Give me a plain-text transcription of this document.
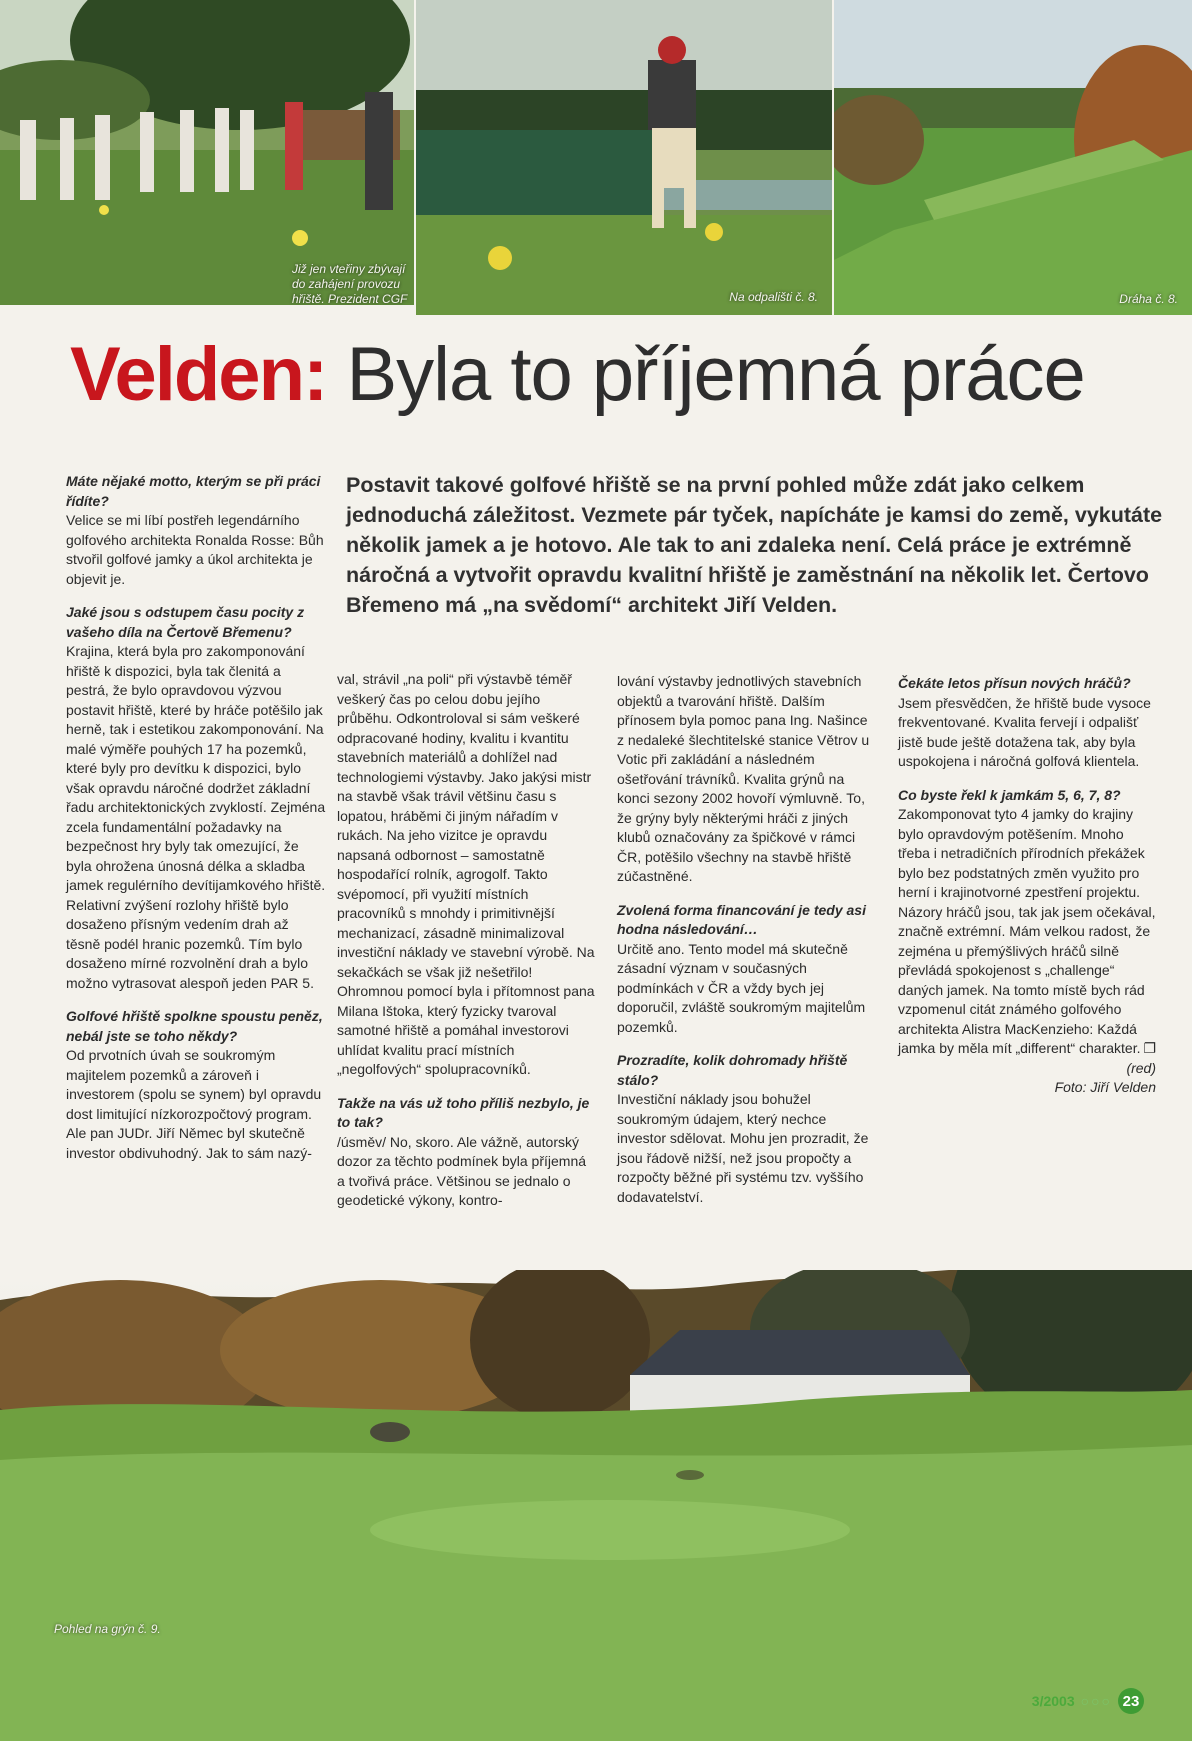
Již jen vteřiny zbývají do zahájení provozu hřiště. Prezident CGF	Na odpališti č. 8.	Dráha č. 8.
Velden: Byla to příjemná práce
Postavit takové golfové hřiště se na první pohled může zdát jako celkem jednoduchá záležitost. Vezmete pár tyček, napícháte je kamsi do země, vykutáte několik jamek a je hotovo. Ale tak to ani zdaleka není. Celá práce je extrémně náročná a vytvořit opravdu kvalitní hřiště je zaměstnání na několik let. Čertovo Břemeno má „na svědomí“ architekt Jiří Velden.
Máte nějaké motto, kterým se při práci řídíte?

Velice se mi líbí postřeh legendárního golfového architekta Ronalda Rosse: Bůh stvořil golfové jamky a úkol architekta je objevit je.

Jaké jsou s odstupem času pocity z vašeho díla na Čertově Břemenu?

Krajina, která byla pro zakomponování hřiště k dispozici, byla tak členitá a pestrá, že bylo opravdovou výzvou postavit hřiště, které by hráče potěšilo jak herně, tak i estetikou zakomponování. Na malé výměře pouhých 17 ha pozemků, které byly pro devítku k dispozici, bylo však opravdu náročné dodržet základní řadu architektonických zvyklostí. Zejména zcela fundamentální požadavky na bezpečnost hry byly tak omezující, že byla ohrožena únosná délka a skladba jamek regulérního devítijamkového hřiště. Relativní zvýšení rozlohy hřiště bylo dosaženo přísným vedením drah až těsně podél hranic pozemků. Tím bylo dosaženo mírné rozvolnění drah a bylo možno vytrasovat alespoň jeden PAR 5.

Golfové hřiště spolkne spoustu peněz, nebál jste se toho někdy?

Od prvotních úvah se soukromým majitelem pozemků a zároveň i investorem (spolu se synem) byl opravdu dost limitující nízkorozpočtový program. Ale pan JUDr. Jiří Němec byl skutečně investor obdivuhodný. Jak to sám nazý-

val, strávil „na poli“ při výstavbě téměř veškerý čas po celou dobu jejího průběhu. Odkontroloval si sám veškeré odpracované hodiny, kvalitu i kvantitu stavebních materiálů a dohlížel nad technologiemi výstavby. Jako jakýsi mistr na stavbě však trávil většinu času s lopatou, hráběmi či jiným nářadím v rukách. Na jeho vizitce je opravdu napsaná odbornost – samostatně hospodařící rolník, agrogolf. Takto svépomocí, při využití místních pracovníků s mnohdy i primitivnější mechanizací, zásadně minimalizoval investiční náklady ve stavební výrobě. Na sekačkách se však již nešetřilo! Ohromnou pomocí byla i přítomnost pana Milana Ištoka, který fyzicky tvaroval samotné hřiště a pomáhal investorovi uhlídat kvalitu prací místních „negolfových“ spolupracovníků.

Takže na vás už toho příliš nezbylo, je to tak?

/úsměv/ No, skoro. Ale vážně, autorský dozor za těchto podmínek byla příjemná a tvořivá práce. Většinou se jednalo o geodetické výkony, kontro-

lování výstavby jednotlivých stavebních objektů a tvarování hřiště. Dalším přínosem byla pomoc pana Ing. Našince z nedaleké šlechtitelské stanice Větrov u Votic při zakládání a následném ošetřování trávníků. Kvalita grýnů na konci sezony 2002 hovoří výmluvně. To, že grýny byly některými hráči z jiných klubů označovány za špičkové v rámci ČR, potěšilo všechny na stavbě hřiště zúčastněné.

Zvolená forma financování je tedy asi hodna následování…

Určitě ano. Tento model má skutečně zásadní význam v současných podmínkách v ČR a vždy bych jej doporučil, zvláště soukromým majitelům pozemků.

Prozradíte, kolik dohromady hřiště stálo?

Investiční náklady jsou bohužel soukromým údajem, který nechce investor sdělovat. Mohu jen prozradit, že jsou řádově nižší, než jsou propočty a rozpočty běžné při systému tzv. vyššího dodavatelství.

Čekáte letos přísun nových hráčů?

Jsem přesvědčen, že hřiště bude vysoce frekventované. Kvalita fervejí i odpališť jistě bude ještě dotažena tak, aby byla uspokojena i náročná golfová klientela.

Co byste řekl k jamkám 5, 6, 7, 8?

Zakomponovat tyto 4 jamky do krajiny bylo opravdovým potěšením. Mnoho třeba i netradičních přírodních překážek bylo bez podstatných změn využito pro herní i krajinotvorné zpestření projektu. Názory hráčů jsou, tak jak jsem očekával, značně extrémní. Mám velkou radost, že zejména u přemýšlivých hráčů silně převládá spokojenost s „challenge“ daných jamek. Na tomto místě bych rád vzpomenul citát známého golfového architekta Alistra MacKenzieho: Každá jamka by měla mít „different“ charakter. ❐

(red)

Foto: Jiří Velden

Pohled na grýn č. 9.
3/2003 ○○○ 23
